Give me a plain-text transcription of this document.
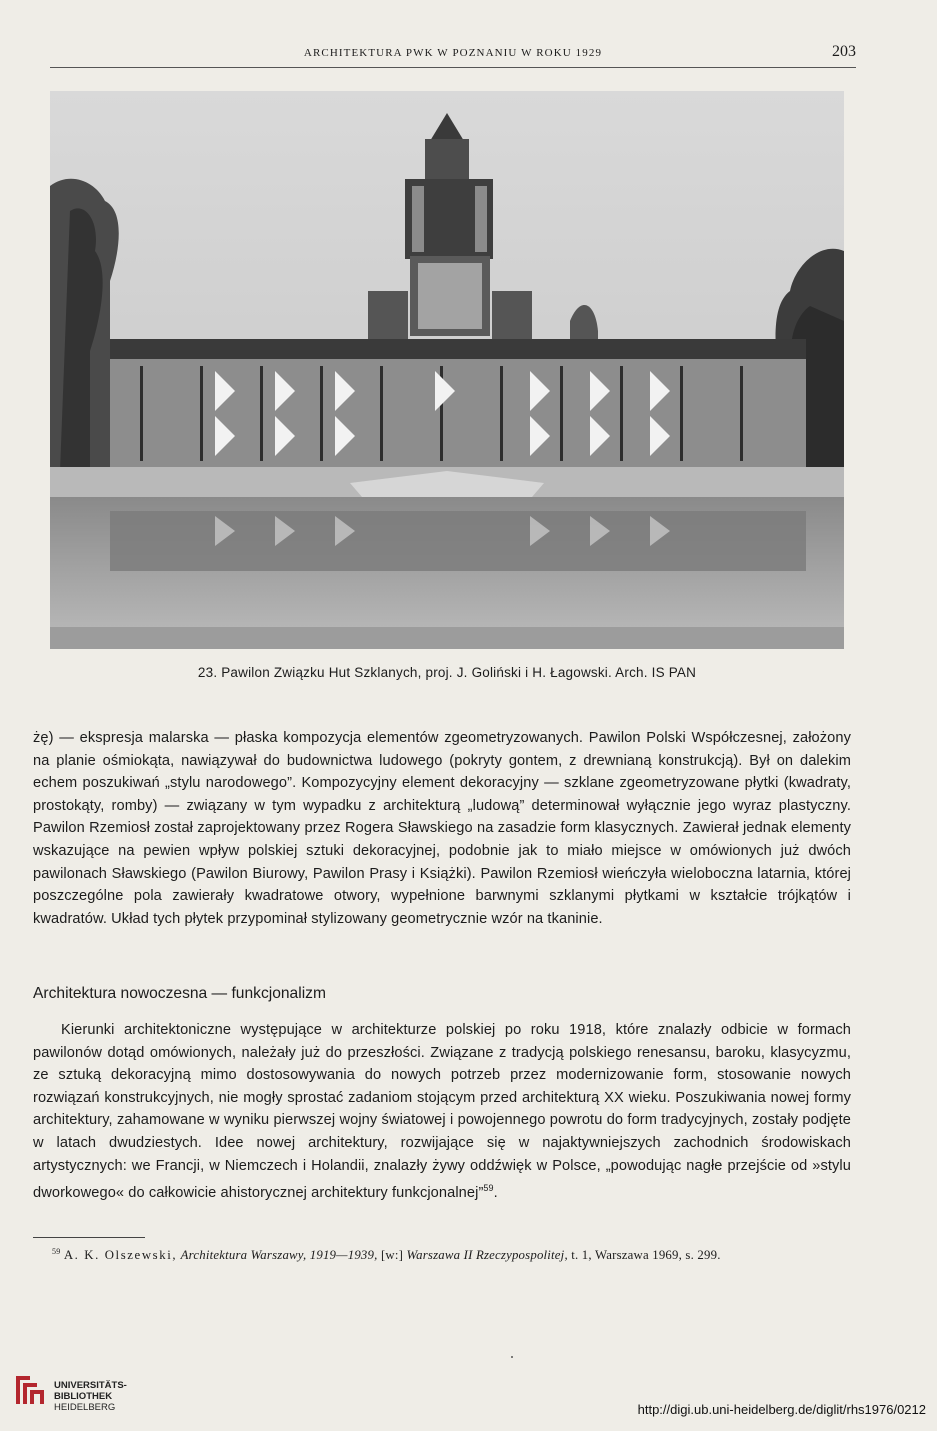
ARCHITEKTURA PWK W POZNANIU W ROKU 1929	203
23. Pawilon Związku Hut Szklanych, proj. J. Goliński i H. Łagowski. Arch. IS PAN

żę) — ekspresja malarska — płaska kompozycja elementów zgeometryzowanych. Pawilon Polski Współczesnej, założony na planie ośmiokąta, nawiązywał do budownictwa ludowego (pokryty gontem, z drewnianą konstrukcją). Był on dalekim echem poszukiwań „stylu narodowego”. Kompozycyjny element dekoracyjny — szklane zgeometryzowane płytki (kwadraty, prostokąty, romby) — związany w tym wypadku z architekturą „ludową” determinował wyłącznie jego wyraz plastyczny. Pawilon Rzemiosł został zaprojektowany przez Rogera Sławskiego na zasadzie form klasycznych. Zawierał jednak elementy wskazujące na pewien wpływ polskiej sztuki dekoracyjnej, podobnie jak to miało miejsce w omówionych już dwóch pawilonach Sławskiego (Pawilon Biurowy, Pawilon Prasy i Książki). Pawilon Rzemiosł wieńczyła wieloboczna latarnia, której poszczególne pola zawierały kwadratowe otwory, wypełnione barwnymi szklanymi płytkami w kształcie trójkątów i kwadratów. Układ tych płytek przypominał stylizowany geometrycznie wzór na tkaninie.

Architektura nowoczesna — funkcjonalizm

Kierunki architektoniczne występujące w architekturze polskiej po roku 1918, które znalazły odbicie w formach pawilonów dotąd omówionych, należały już do przeszłości. Związane z tradycją polskiego renesansu, baroku, klasycyzmu, ze sztuką dekoracyjną mimo dostosowywania do nowych potrzeb przez modernizowanie form, stosowanie nowych rozwiązań konstrukcyjnych, nie mogły sprostać zadaniom stojącym przed architekturą XX wieku. Poszukiwania nowej formy architektury, zahamowane w wyniku pierwszej wojny światowej i powojennego powrotu do form tradycyjnych, zostały podjęte w latach dwudziestych. Idee nowej architektury, rozwijające się w najaktywniejszych zachodnich środowiskach artystycznych: we Francji, w Niemczech i Holandii, znalazły żywy oddźwięk w Polsce, „powodując nagłe przejście od »stylu dworkowego« do całkowicie ahistorycznej architektury funkcjonalnej”$^{59}$.

$^{59}$ A. K. Olszewski, Architektura Warszawy, 1919—1939, [w:] Warszawa II Rzeczypospolitej, t. 1, Warszawa 1969, s. 299.

UNIVERSITÄTS-
BIBLIOTHEK
HEIDELBERG	http://digi.ub.uni-heidelberg.de/diglit/rhs1976/0212
